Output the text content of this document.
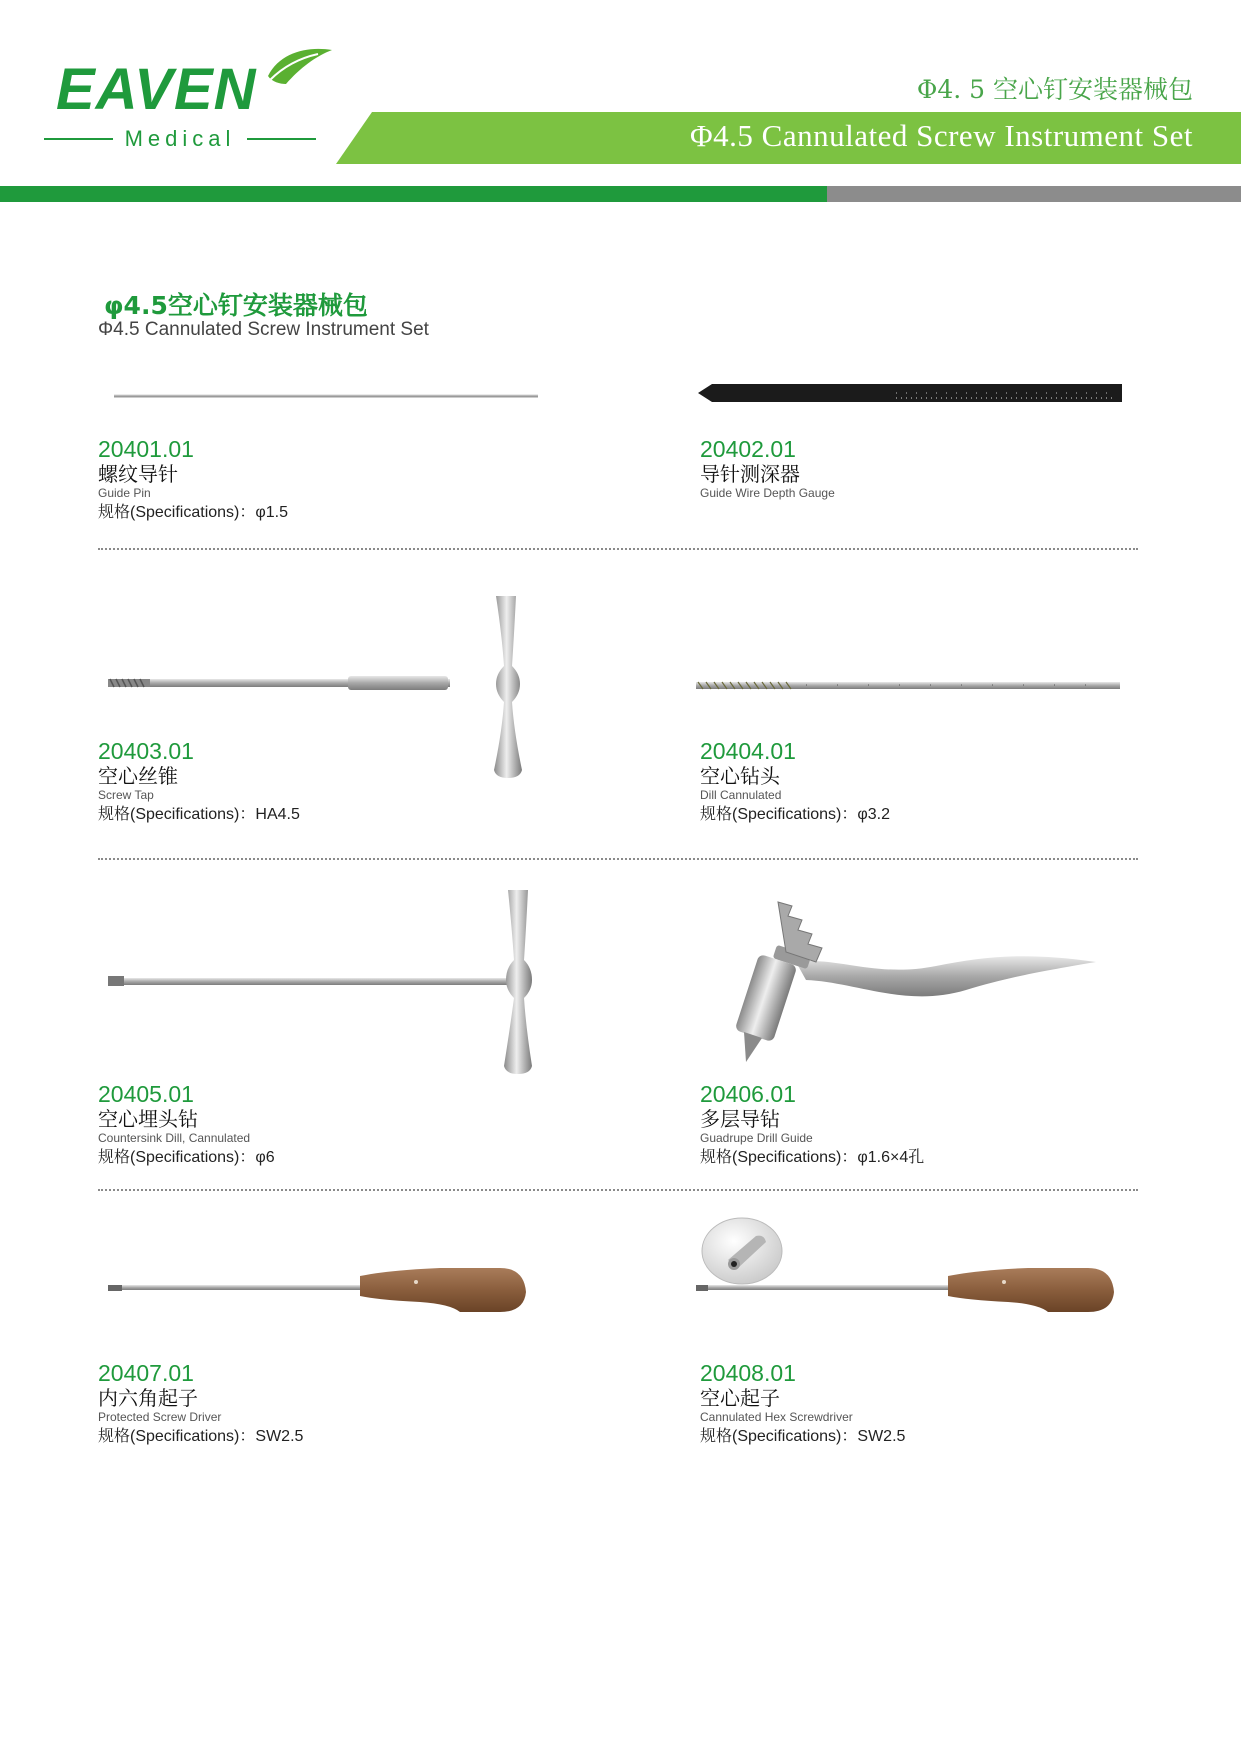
EAVEN
Medical
Φ4. 5 空心钉安装器械包
Φ4.5 Cannulated Screw Instrument Set
φ4.5空心钉安装器械包
Φ4.5 Cannulated Screw Instrument Set
20401.01
螺纹导针
Guide Pin
规格(Specifications)：φ1.5
20402.01
导针测深器
Guide Wire Depth Gauge
20403.01
空心丝锥
Screw Tap
规格(Specifications)：HA4.5
20404.01
空心钻头
Dill Cannulated
规格(Specifications)：φ3.2
20405.01
空心埋头钻
Countersink Dill, Cannulated
规格(Specifications)：φ6
20406.01
多层导钻
Guadrupe Drill Guide
规格(Specifications)：φ1.6×4孔
20407.01
内六角起子
Protected Screw Driver
规格(Specifications)：SW2.5
20408.01
空心起子
Cannulated Hex Screwdriver
规格(Specifications)：SW2.5
